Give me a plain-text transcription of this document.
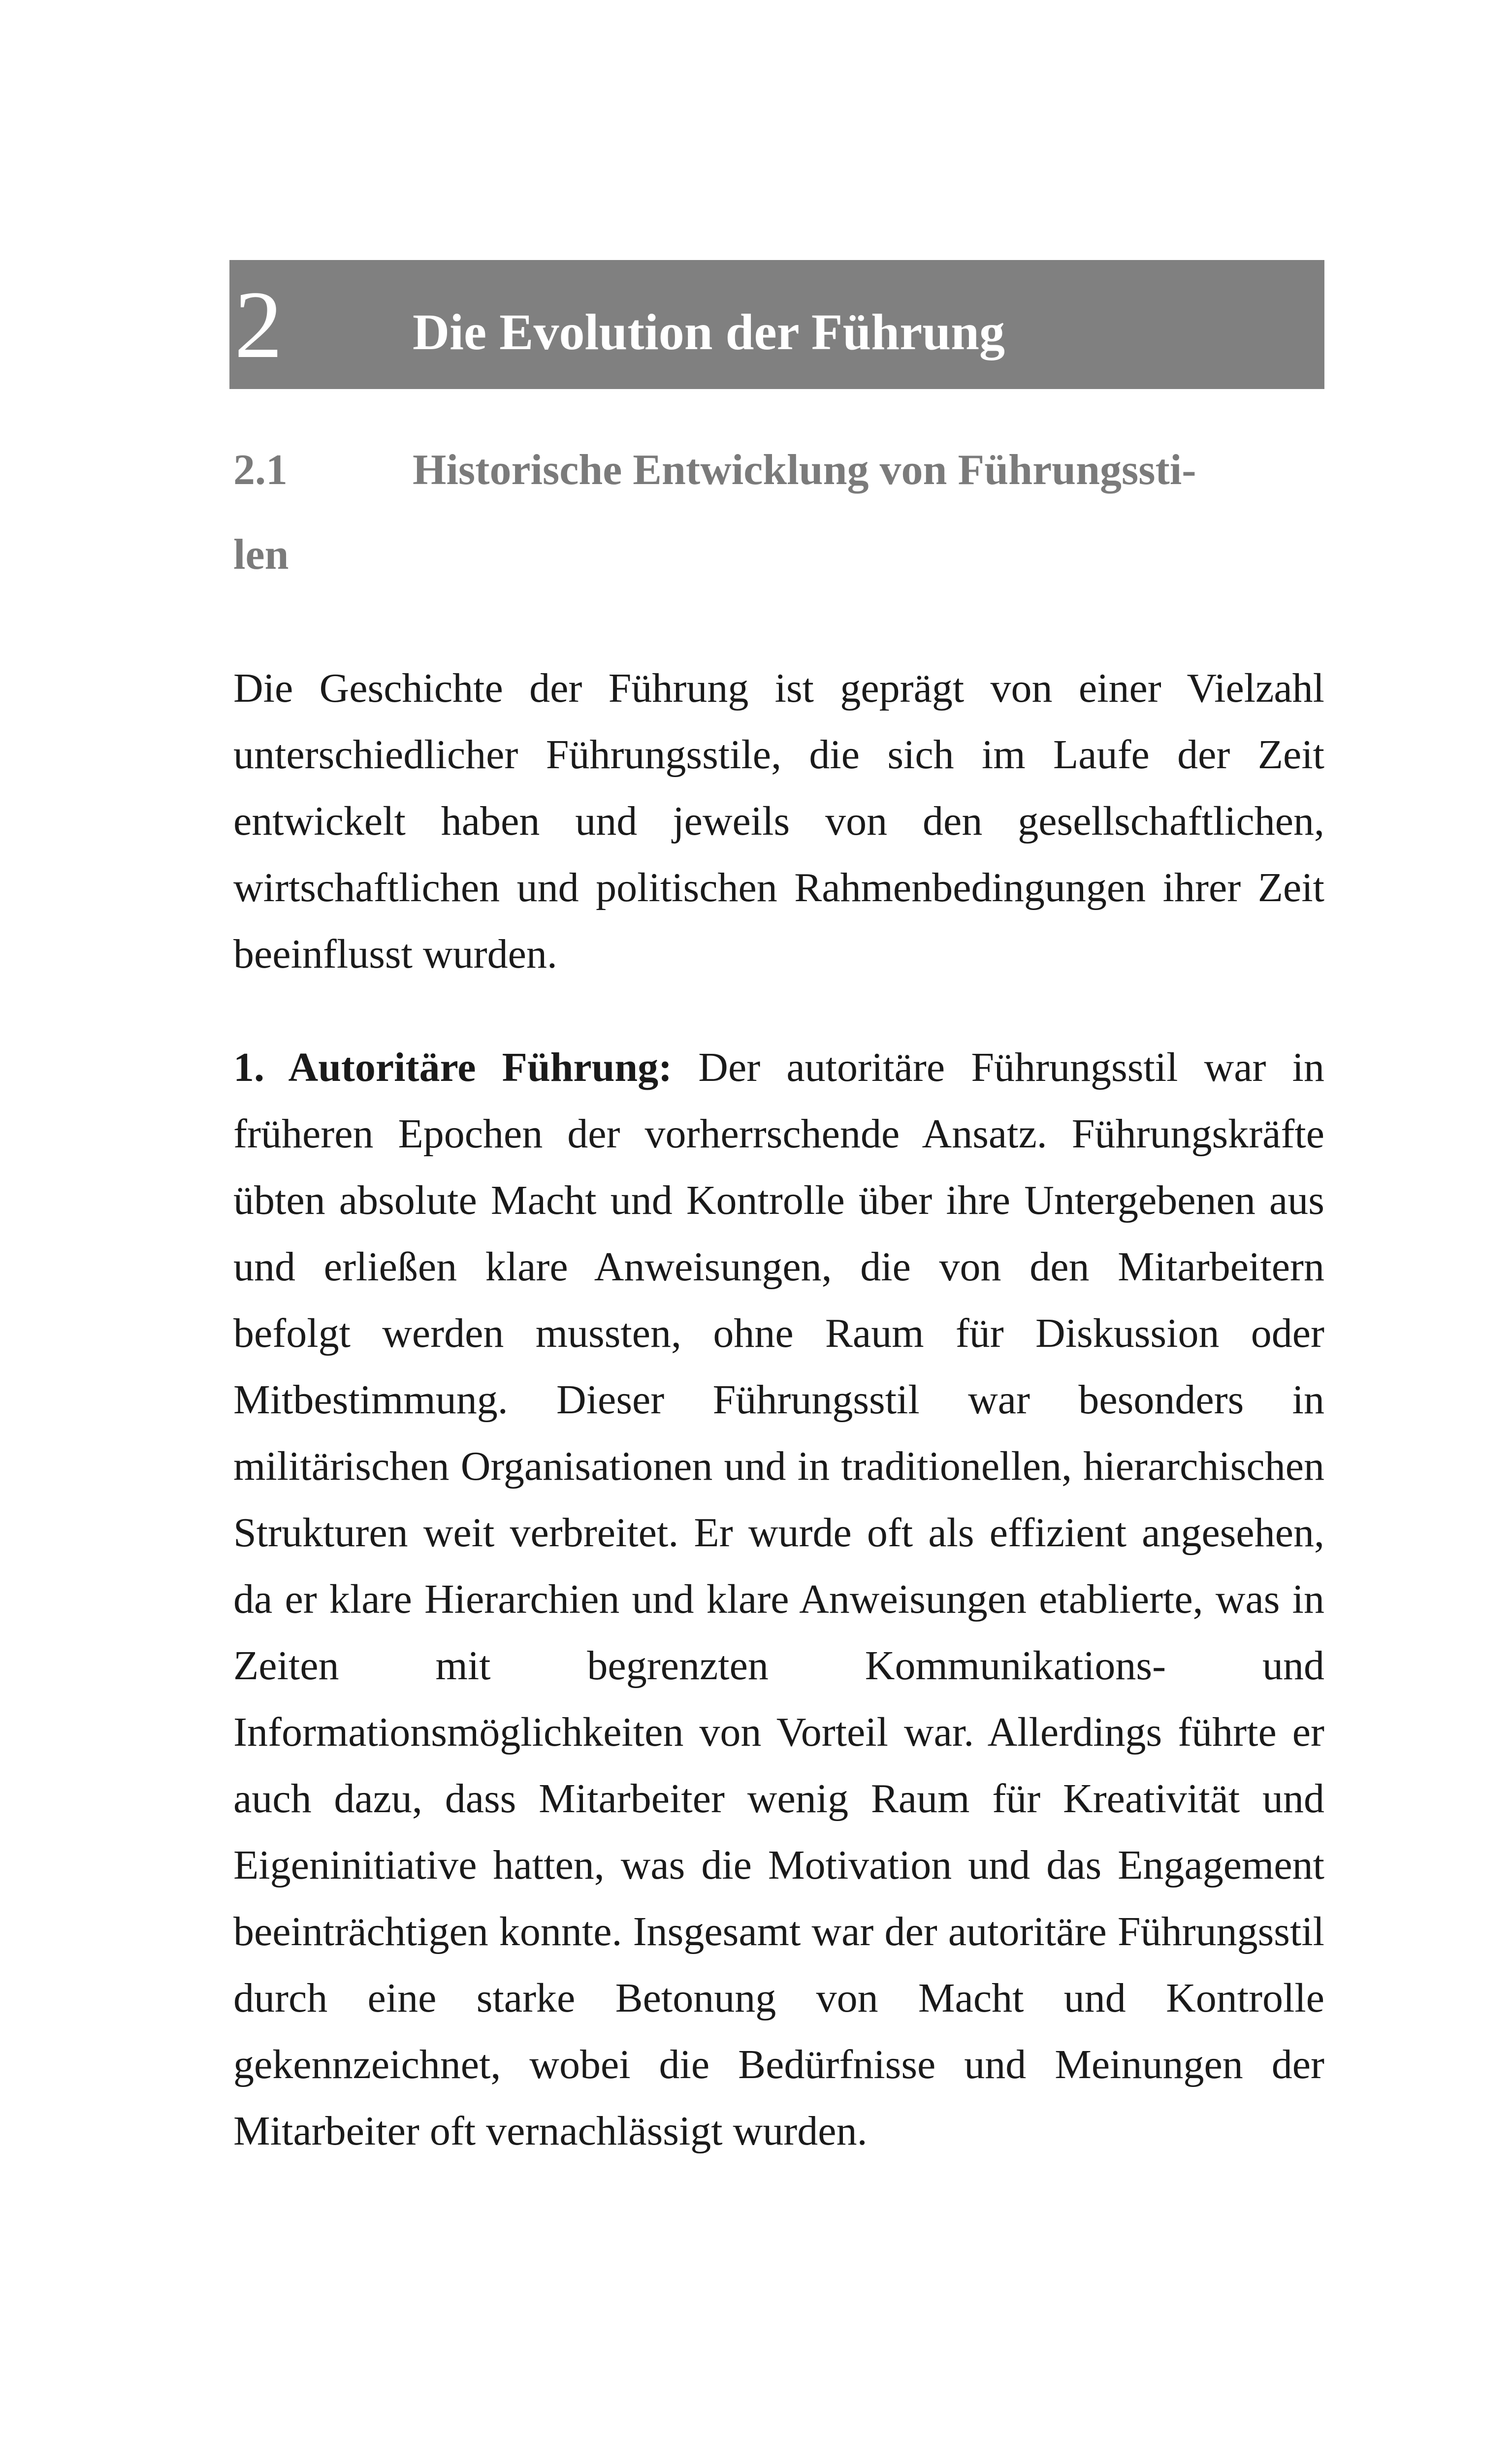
2	Die Evolution der Führung
2.1	Historische Entwicklung von Führungssti-
len

Die Geschichte der Führung ist geprägt von einer Vielzahl unterschiedlicher Führungsstile, die sich im Laufe der Zeit entwickelt haben und jeweils von den gesellschaftlichen, wirtschaftlichen und politischen Rahmenbedingungen ihrer Zeit beeinflusst wurden.

1. Autoritäre Führung: Der autoritäre Führungsstil war in früheren Epochen der vorherrschende Ansatz. Führungskräfte übten absolute Macht und Kontrolle über ihre Untergebenen aus und erließen klare Anweisungen, die von den Mitarbeitern befolgt werden mussten, ohne Raum für Diskussion oder Mitbestimmung. Dieser Führungsstil war besonders in militärischen Organisationen und in traditionellen, hierarchischen Strukturen weit verbreitet. Er wurde oft als effizient angesehen, da er klare Hierarchien und klare Anweisungen etablierte, was in Zeiten mit begrenzten Kommunikations- und Informationsmöglichkeiten von Vorteil war. Allerdings führte er auch dazu, dass Mitarbeiter wenig Raum für Kreativität und Eigeninitiative hatten, was die Motivation und das Engagement beeinträchtigen konnte. Insgesamt war der autoritäre Führungsstil durch eine starke Betonung von Macht und Kontrolle gekennzeichnet, wobei die Bedürfnisse und Meinungen der Mitarbeiter oft vernachlässigt wurden.
